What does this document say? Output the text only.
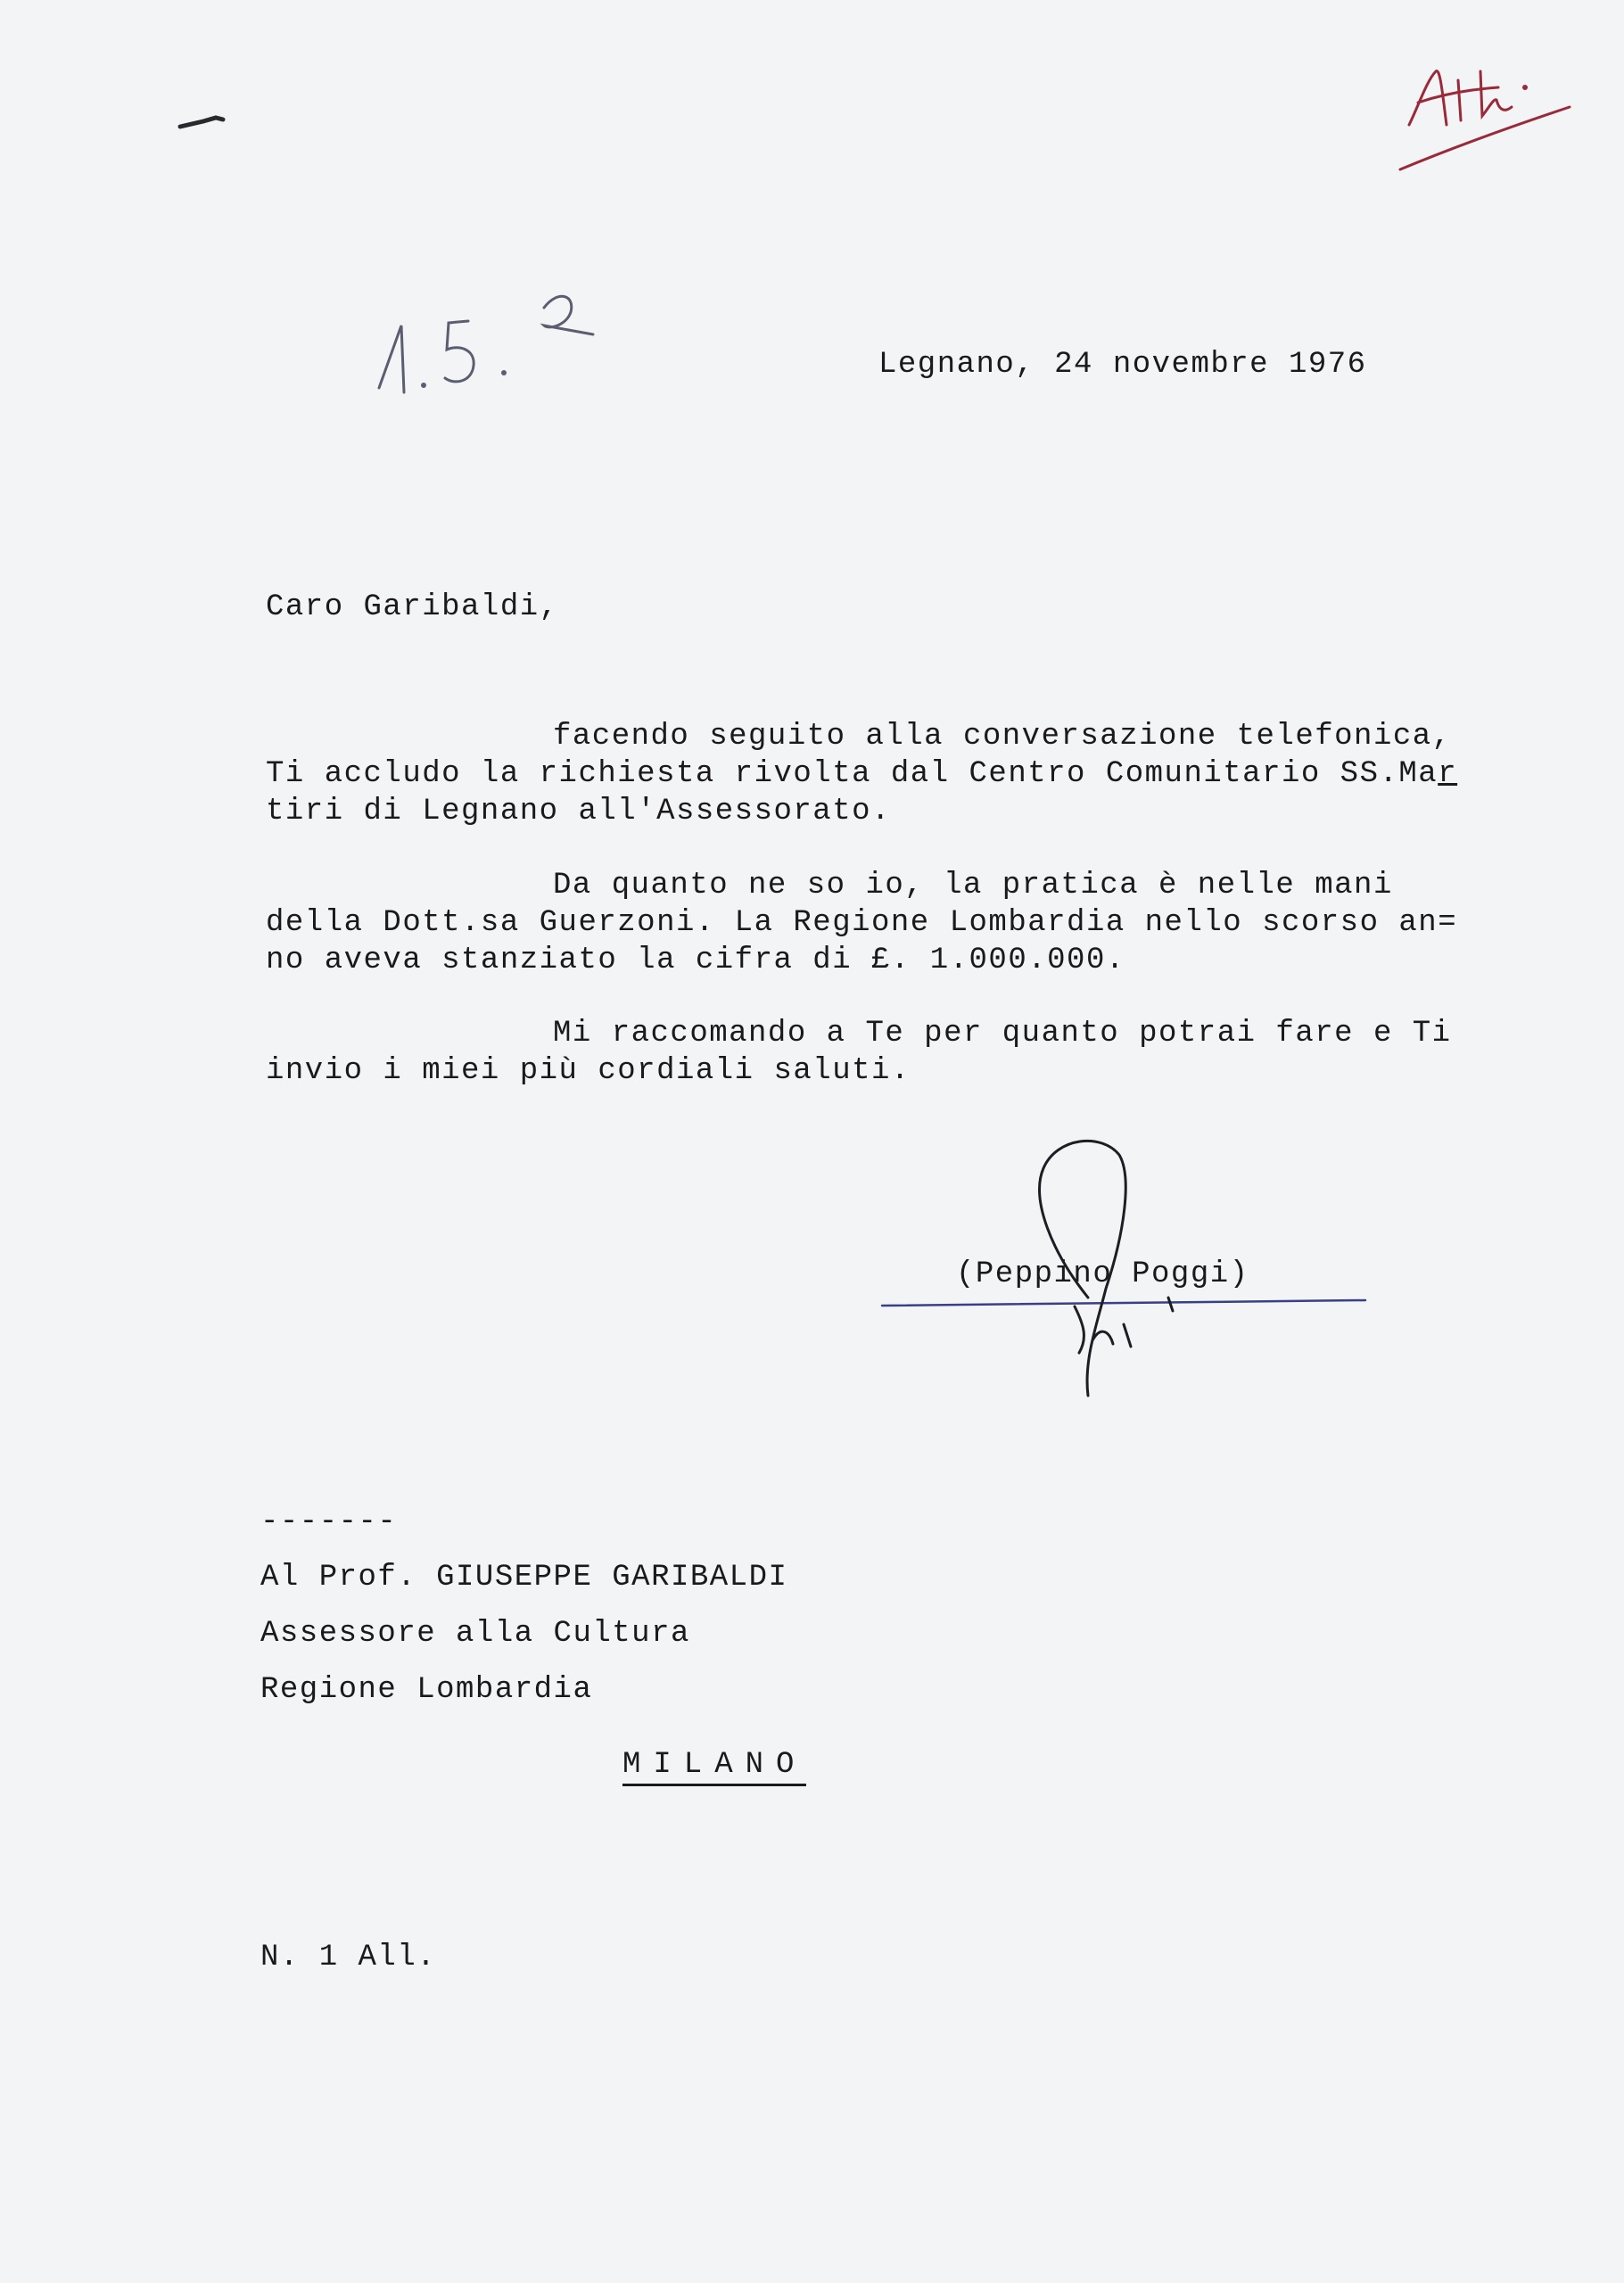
Legnano, 24 novembre 1976
Caro Garibaldi,
facendo seguito alla conversazione telefonica,
Ti accludo la richiesta rivolta dal Centro Comunitario SS.Mar
tiri di Legnano all'Assessorato.
Da quanto ne so io, la pratica è nelle mani
della Dott.sa Guerzoni. La Regione Lombardia nello scorso an=
no aveva stanziato la cifra di £. 1.000.000.
Mi raccomando a Te per quanto potrai fare e Ti
invio i miei più cordiali saluti.
(Peppino Poggi)
-------
Al Prof. GIUSEPPE GARIBALDI
Assessore alla Cultura
Regione Lombardia
MILANO
N. 1 All.
